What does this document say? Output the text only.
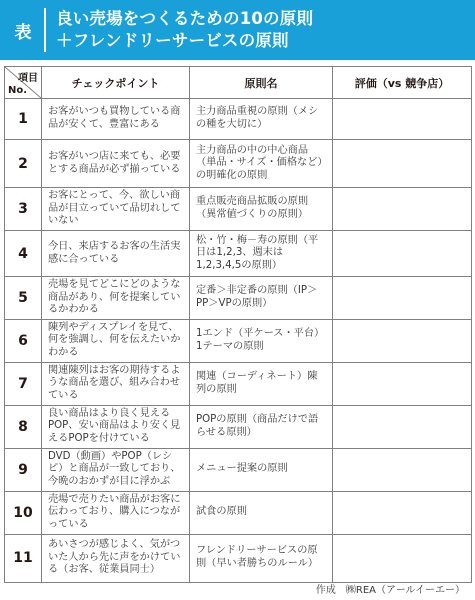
表
良い売場をつくるための10の原則
＋フレンドリーサービスの原則
項目
No.	チェックポイント	原則名	評価（vs 競争店）
1	お客がいつも買物している商品が安くて、豊富にある	主力商品重視の原則（メシの種を大切に）	
2	お客がいつ店に来ても、必要とする商品が必ず揃っている	主力商品の中の中心商品（単品・サイズ・価格など）の明確化の原則	
3	お客にとって、今、欲しい商品が目立っていて品切れしていない	重点販売商品拡販の原則（異常値づくりの原則）	
4	今日、来店するお客の生活実感に合っている	松・竹・梅－寿の原則（平日は1,2,3、週末は1,2,3,4,5の原則）	
5	売場を見てどこにどのような商品があり、何を提案しているかわかる	定番＞非定番の原則（IP＞PP＞VPの原則）	
6	陳列やディスプレイを見て、何を強調し、何を伝えたいかわかる	1エンド（平ケース・平台）1テーマの原則	
7	関連陳列はお客の期待するような商品を選び、組み合わせている	関連（コーディネート）陳列の原則	
8	良い商品はより良く見えるPOP、安い商品はより安く見えるPOPを付けている	POPの原則（商品だけで語らせる原則）	
9	DVD（動画）やPOP（レシピ）と商品が一致しており、今晩のおかずが目に浮かぶ	メニュー提案の原則	
10	売場で売りたい商品がお客に伝わっており、購入につながっている	試食の原則	
11	あいさつが感じよく、気がついた人から先に声をかけている（お客、従業員同士）	フレンドリーサービスの原則（早い者勝ちのルール）	
作成　㈱REA（アールイーエー）
